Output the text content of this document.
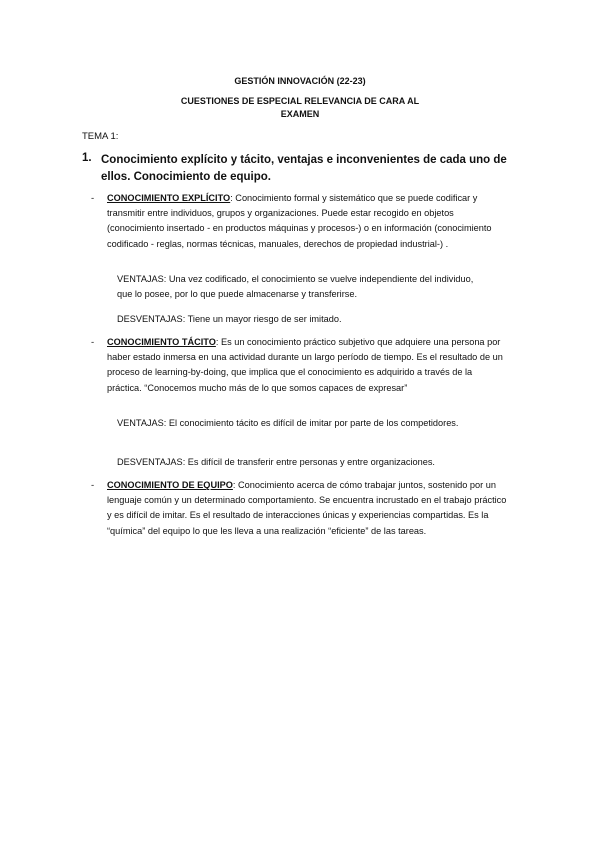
GESTIÓN INNOVACIÓN (22-23)
CUESTIONES DE ESPECIAL RELEVANCIA DE CARA AL
EXAMEN
TEMA 1:
1. Conocimiento explícito y tácito, ventajas e inconvenientes de cada uno de ellos. Conocimiento de equipo.
- CONOCIMIENTO EXPLÍCITO: Conocimiento formal y sistemático que se puede codificar y transmitir entre individuos, grupos y organizaciones. Puede estar recogido en objetos (conocimiento insertado - en productos máquinas y procesos-) o en información (conocimiento codificado - reglas, normas técnicas, manuales, derechos de propiedad industrial-) .
VENTAJAS: Una vez codificado, el conocimiento se vuelve independiente del individuo, que lo posee, por lo que puede almacenarse y transferirse.
DESVENTAJAS: Tiene un mayor riesgo de ser imitado.
- CONOCIMIENTO TÁCITO: Es un conocimiento práctico subjetivo que adquiere una persona por haber estado inmersa en una actividad durante un largo período de tiempo. Es el resultado de un proceso de learning-by-doing, que implica que el conocimiento es adquirido a través de la práctica. “Conocemos mucho más de lo que somos capaces de expresar”
VENTAJAS: El conocimiento tácito es difícil de imitar por parte de los competidores.
DESVENTAJAS: Es difícil de transferir entre personas y entre organizaciones.
- CONOCIMIENTO DE EQUIPO: Conocimiento acerca de cómo trabajar juntos, sostenido por un lenguaje común y un determinado comportamiento. Se encuentra incrustado en el trabajo práctico y es difícil de imitar. Es el resultado de interacciones únicas y experiencias compartidas. Es la “química” del equipo lo que les lleva a una realización “eficiente” de las tareas.
